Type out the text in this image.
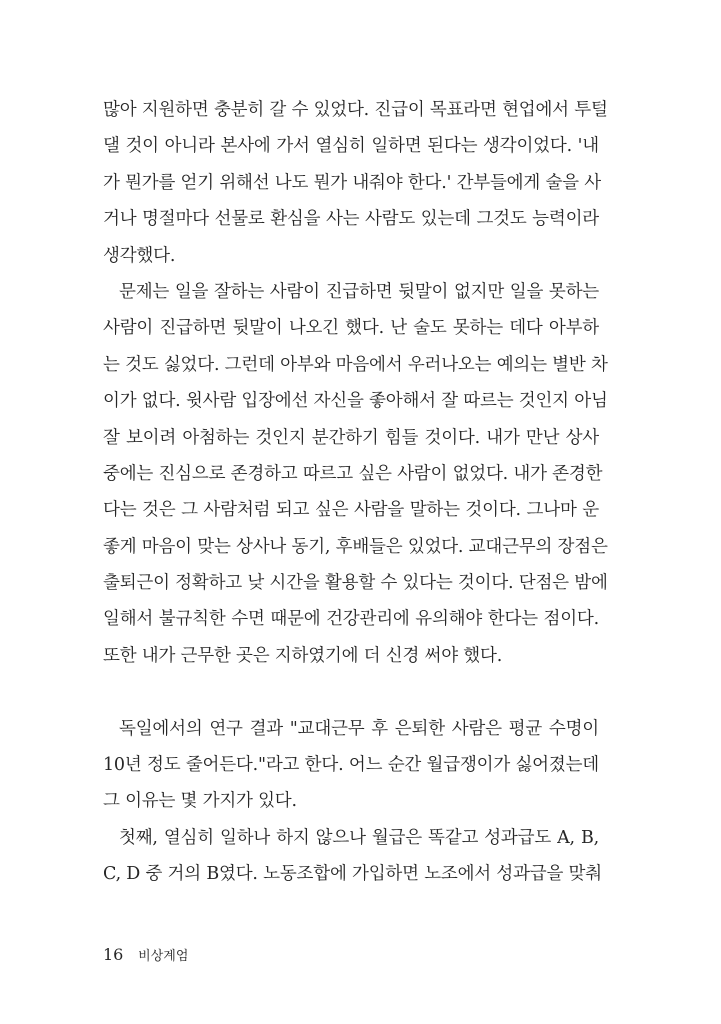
많아 지원하면 충분히 갈 수 있었다. 진급이 목표라면 현업에서 투털
댈 것이 아니라 본사에 가서 열심히 일하면 된다는 생각이었다. '내
가 뭔가를 얻기 위해선 나도 뭔가 내줘야 한다.' 간부들에게 술을 사
거나 명절마다 선물로 환심을 사는 사람도 있는데 그것도 능력이라
생각했다.
문제는 일을 잘하는 사람이 진급하면 뒷말이 없지만 일을 못하는
사람이 진급하면 뒷말이 나오긴 했다. 난 술도 못하는 데다 아부하
는 것도 싫었다. 그런데 아부와 마음에서 우러나오는 예의는 별반 차
이가 없다. 윗사람 입장에선 자신을 좋아해서 잘 따르는 것인지 아님
잘 보이려 아첨하는 것인지 분간하기 힘들 것이다. 내가 만난 상사
중에는 진심으로 존경하고 따르고 싶은 사람이 없었다. 내가 존경한
다는 것은 그 사람처럼 되고 싶은 사람을 말하는 것이다. 그나마 운
좋게 마음이 맞는 상사나 동기, 후배들은 있었다. 교대근무의 장점은
출퇴근이 정확하고 낮 시간을 활용할 수 있다는 것이다. 단점은 밤에
일해서 불규칙한 수면 때문에 건강관리에 유의해야 한다는 점이다.
또한 내가 근무한 곳은 지하였기에 더 신경 써야 했다.
독일에서의 연구 결과 "교대근무 후 은퇴한 사람은 평균 수명이
10년 정도 줄어든다."라고 한다. 어느 순간 월급쟁이가 싫어졌는데
그 이유는 몇 가지가 있다.
첫째, 열심히 일하나 하지 않으나 월급은 똑같고 성과급도 A, B,
C, D 중 거의 B였다. 노동조합에 가입하면 노조에서 성과급을 맞춰
16 비상계엄
